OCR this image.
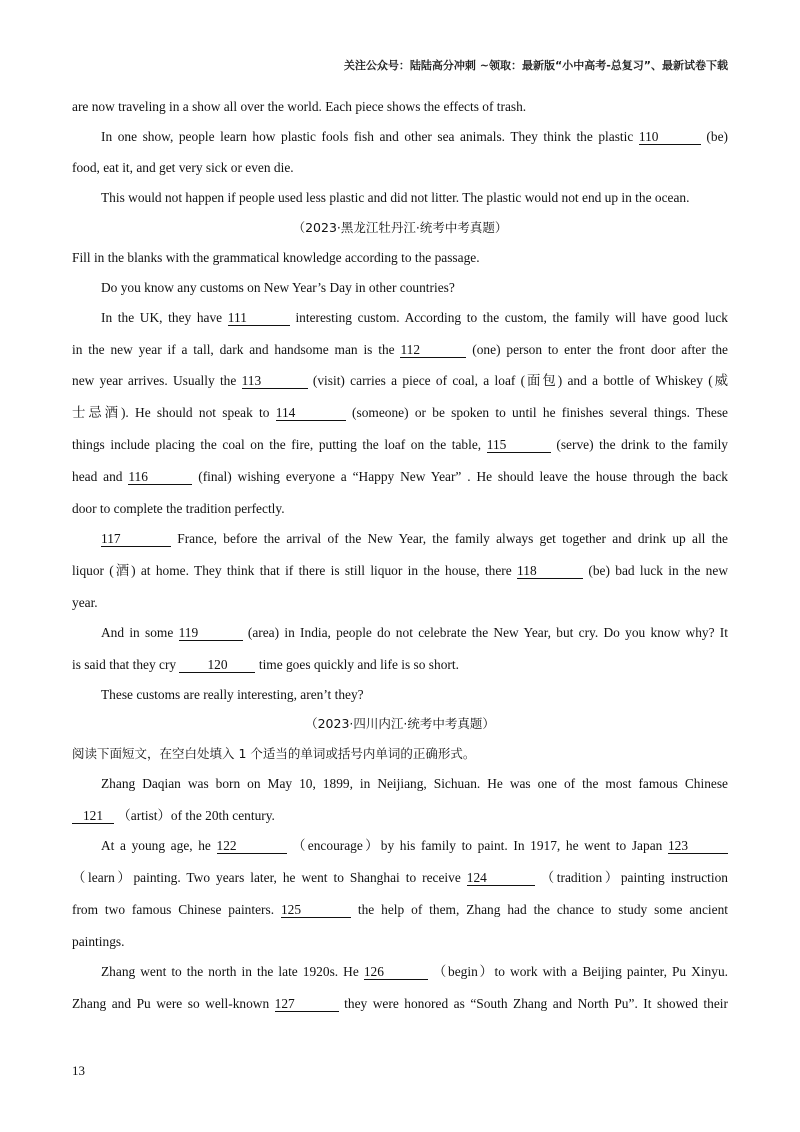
关注公众号：陆陆高分冲刺 ~领取：最新版“小中高考-总复习”、最新试卷下载
are now traveling in a show all over the world. Each piece shows the effects of trash.
In one show, people learn how plastic fools fish and other sea animals. They think the plastic 110	(be)
food, eat it, and get very sick or even die.
This would not happen if people used less plastic and did not litter. The plastic would not end up in the ocean.
（2023·黑龙江牡丹江·统考中考真题）
Fill in the blanks with the grammatical knowledge according to the passage.
Do you know any customs on New Year’s Day in other countries?
In the UK, they have 111	interesting custom. According to the custom, the family will have good luck
in the new year if a tall, dark and handsome man is the 112	(one) person to enter the front door after the
new year arrives. Usually the 113	(visit) carries a piece of coal, a loaf (面包) and a bottle of Whiskey (威
士忌酒). He should not speak to 114	(someone) or be spoken to until he finishes several things. These
things include placing the coal on the fire, putting the loaf on the table, 115	(serve) the drink to the family
head and 116	(final) wishing everyone a “Happy New Year” . He should leave the house through the back
door to complete the tradition perfectly.
117	France, before the arrival of the New Year, the family always get together and drink up all the
liquor (酒) at home. They think that if there is still liquor in the house, there 118	(be) bad luck in the new
year.
And in some 119	(area) in India, people do not celebrate the New Year, but cry. Do you know why? It
is said that they cry 120 time goes quickly and life is so short.
These customs are really interesting, aren’t they?
（2023·四川内江·统考中考真题）
阅读下面短文，在空白处填入 1 个适当的单词或括号内单词的正确形式。
Zhang Daqian was born on May 10, 1899, in Neijiang, Sichuan. He was one of the most famous Chinese
121 （artist）of the 20th century.
At a young age, he 122	（encourage）by his family to paint. In 1917, he went to Japan 123
（learn）painting. Two years later, he went to Shanghai to receive 124	（tradition）painting instruction
from two famous Chinese painters. 125	the help of them, Zhang had the chance to study some ancient
paintings.
Zhang went to the north in the late 1920s. He 126	（begin）to work with a Beijing painter, Pu Xinyu.
Zhang and Pu were so well-known 127	they were honored as “South Zhang and North Pu”. It showed their
13
